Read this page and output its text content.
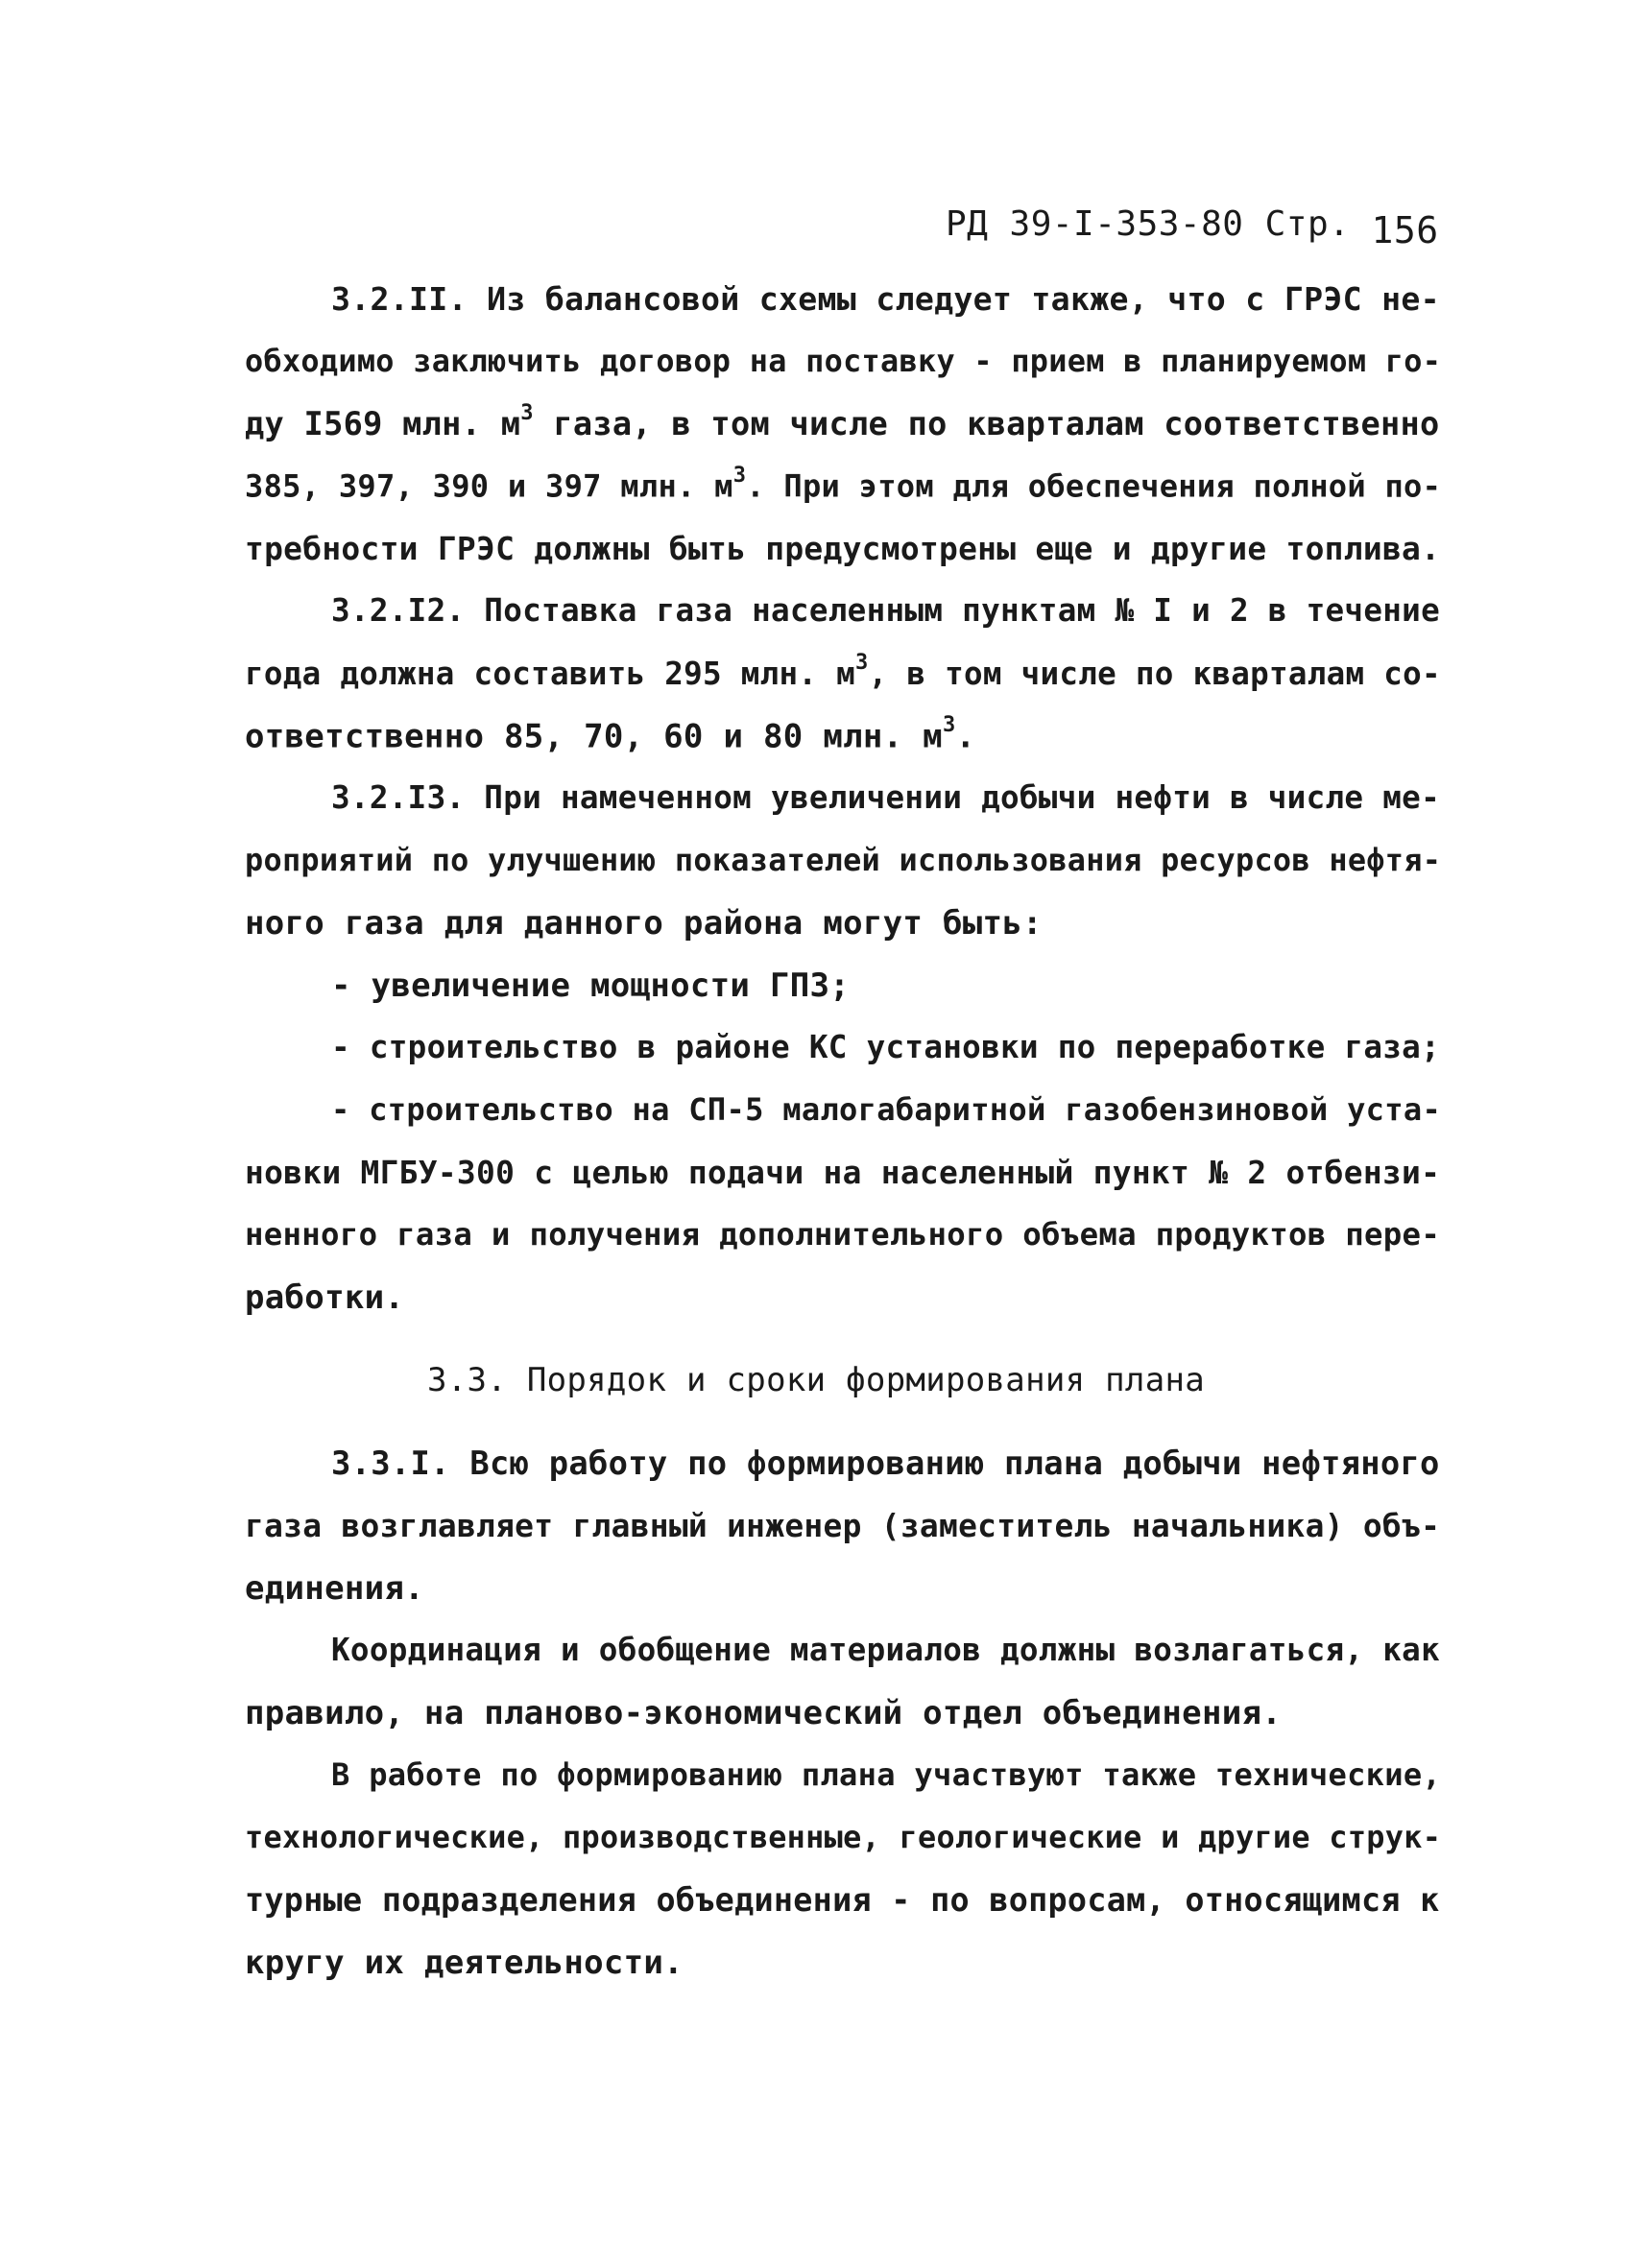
РД 39-I-353-80 Стр. 156
3.2.II. Из балансовой схемы следует также, что с ГРЭС не-
обходимо заключить договор на поставку - прием в планируемом го-
ду I569 млн. $м^3$ газа, в том числе по кварталам соответственно
385, 397, 390 и 397 млн. $м^3$. При этом для обеспечения полной по-
требности ГРЭС должны быть предусмотрены еще и другие топлива.
3.2.I2. Поставка газа населенным пунктам № I и 2 в течение
года должна составить 295 млн. $м^3$, в том числе по кварталам со-
ответственно 85, 70, 60 и 80 млн. $м^3$.
3.2.I3. При намеченном увеличении добычи нефти в числе ме-
роприятий по улучшению показателей использования ресурсов нефтя-
ного газа для данного района могут быть:
- увеличение мощности ГПЗ;
- строительство в районе КС установки по переработке газа;
- строительство на СП-5 малогабаритной газобензиновой уста-
новки МГБУ-300 с целью подачи на населенный пункт № 2 отбензи-
ненного газа и получения дополнительного объема продуктов пере-
работки.
3.3. Порядок и сроки формирования плана
3.3.I. Всю работу по формированию плана добычи нефтяного
газа возглавляет главный инженер (заместитель начальника) объ-
единения.
Координация и обобщение материалов должны возлагаться, как
правило, на планово-экономический отдел объединения.
В работе по формированию плана участвуют также технические,
технологические, производственные, геологические и другие струк-
турные подразделения объединения - по вопросам, относящимся к
кругу их деятельности.
